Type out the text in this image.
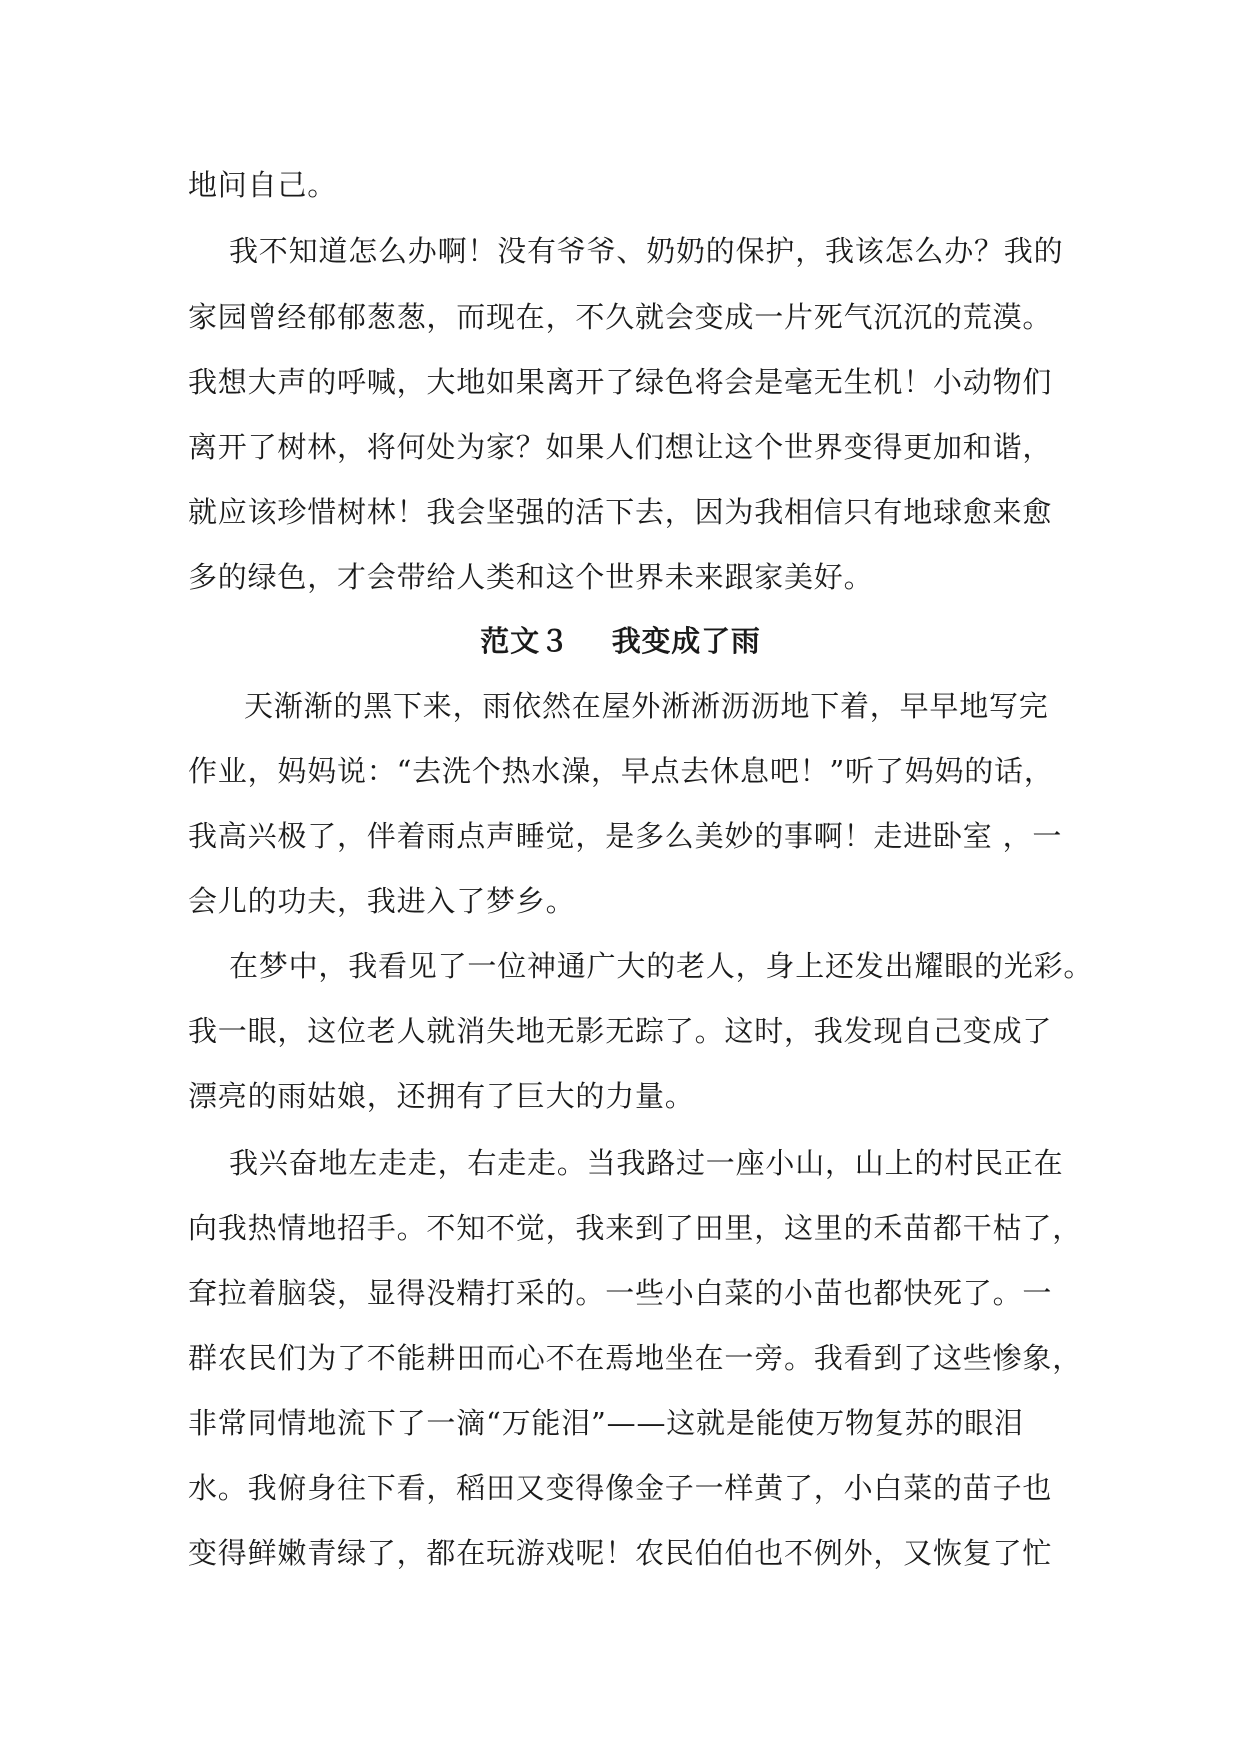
地问自己。
我不知道怎么办啊！没有爷爷、奶奶的保护，我该怎么办？我的
家园曾经郁郁葱葱，而现在，不久就会变成一片死气沉沉的荒漠。
我想大声的呼喊，大地如果离开了绿色将会是毫无生机！小动物们
离开了树林，将何处为家？如果人们想让这个世界变得更加和谐，
就应该珍惜树林！我会坚强的活下去，因为我相信只有地球愈来愈
多的绿色，才会带给人类和这个世界未来跟家美好。
范文３ 我变成了雨
天渐渐的黑下来，雨依然在屋外淅淅沥沥地下着，早早地写完
作业，妈妈说：“去洗个热水澡，早点去休息吧！”听了妈妈的话，
我高兴极了，伴着雨点声睡觉，是多么美妙的事啊！走进卧室 ，一
会儿的功夫，我进入了梦乡。
在梦中，我看见了一位神通广大的老人，身上还发出耀眼的光彩。
我一眼，这位老人就消失地无影无踪了。这时，我发现自己变成了
漂亮的雨姑娘，还拥有了巨大的力量。
我兴奋地左走走，右走走。当我路过一座小山，山上的村民正在
向我热情地招手。不知不觉，我来到了田里，这里的禾苗都干枯了，
耷拉着脑袋，显得没精打采的。一些小白菜的小苗也都快死了。一
群农民们为了不能耕田而心不在焉地坐在一旁。我看到了这些惨象，
非常同情地流下了一滴“万能泪”——这就是能使万物复苏的眼泪
水。我俯身往下看，稻田又变得像金子一样黄了，小白菜的苗子也
变得鲜嫩青绿了，都在玩游戏呢！农民伯伯也不例外，又恢复了忙
